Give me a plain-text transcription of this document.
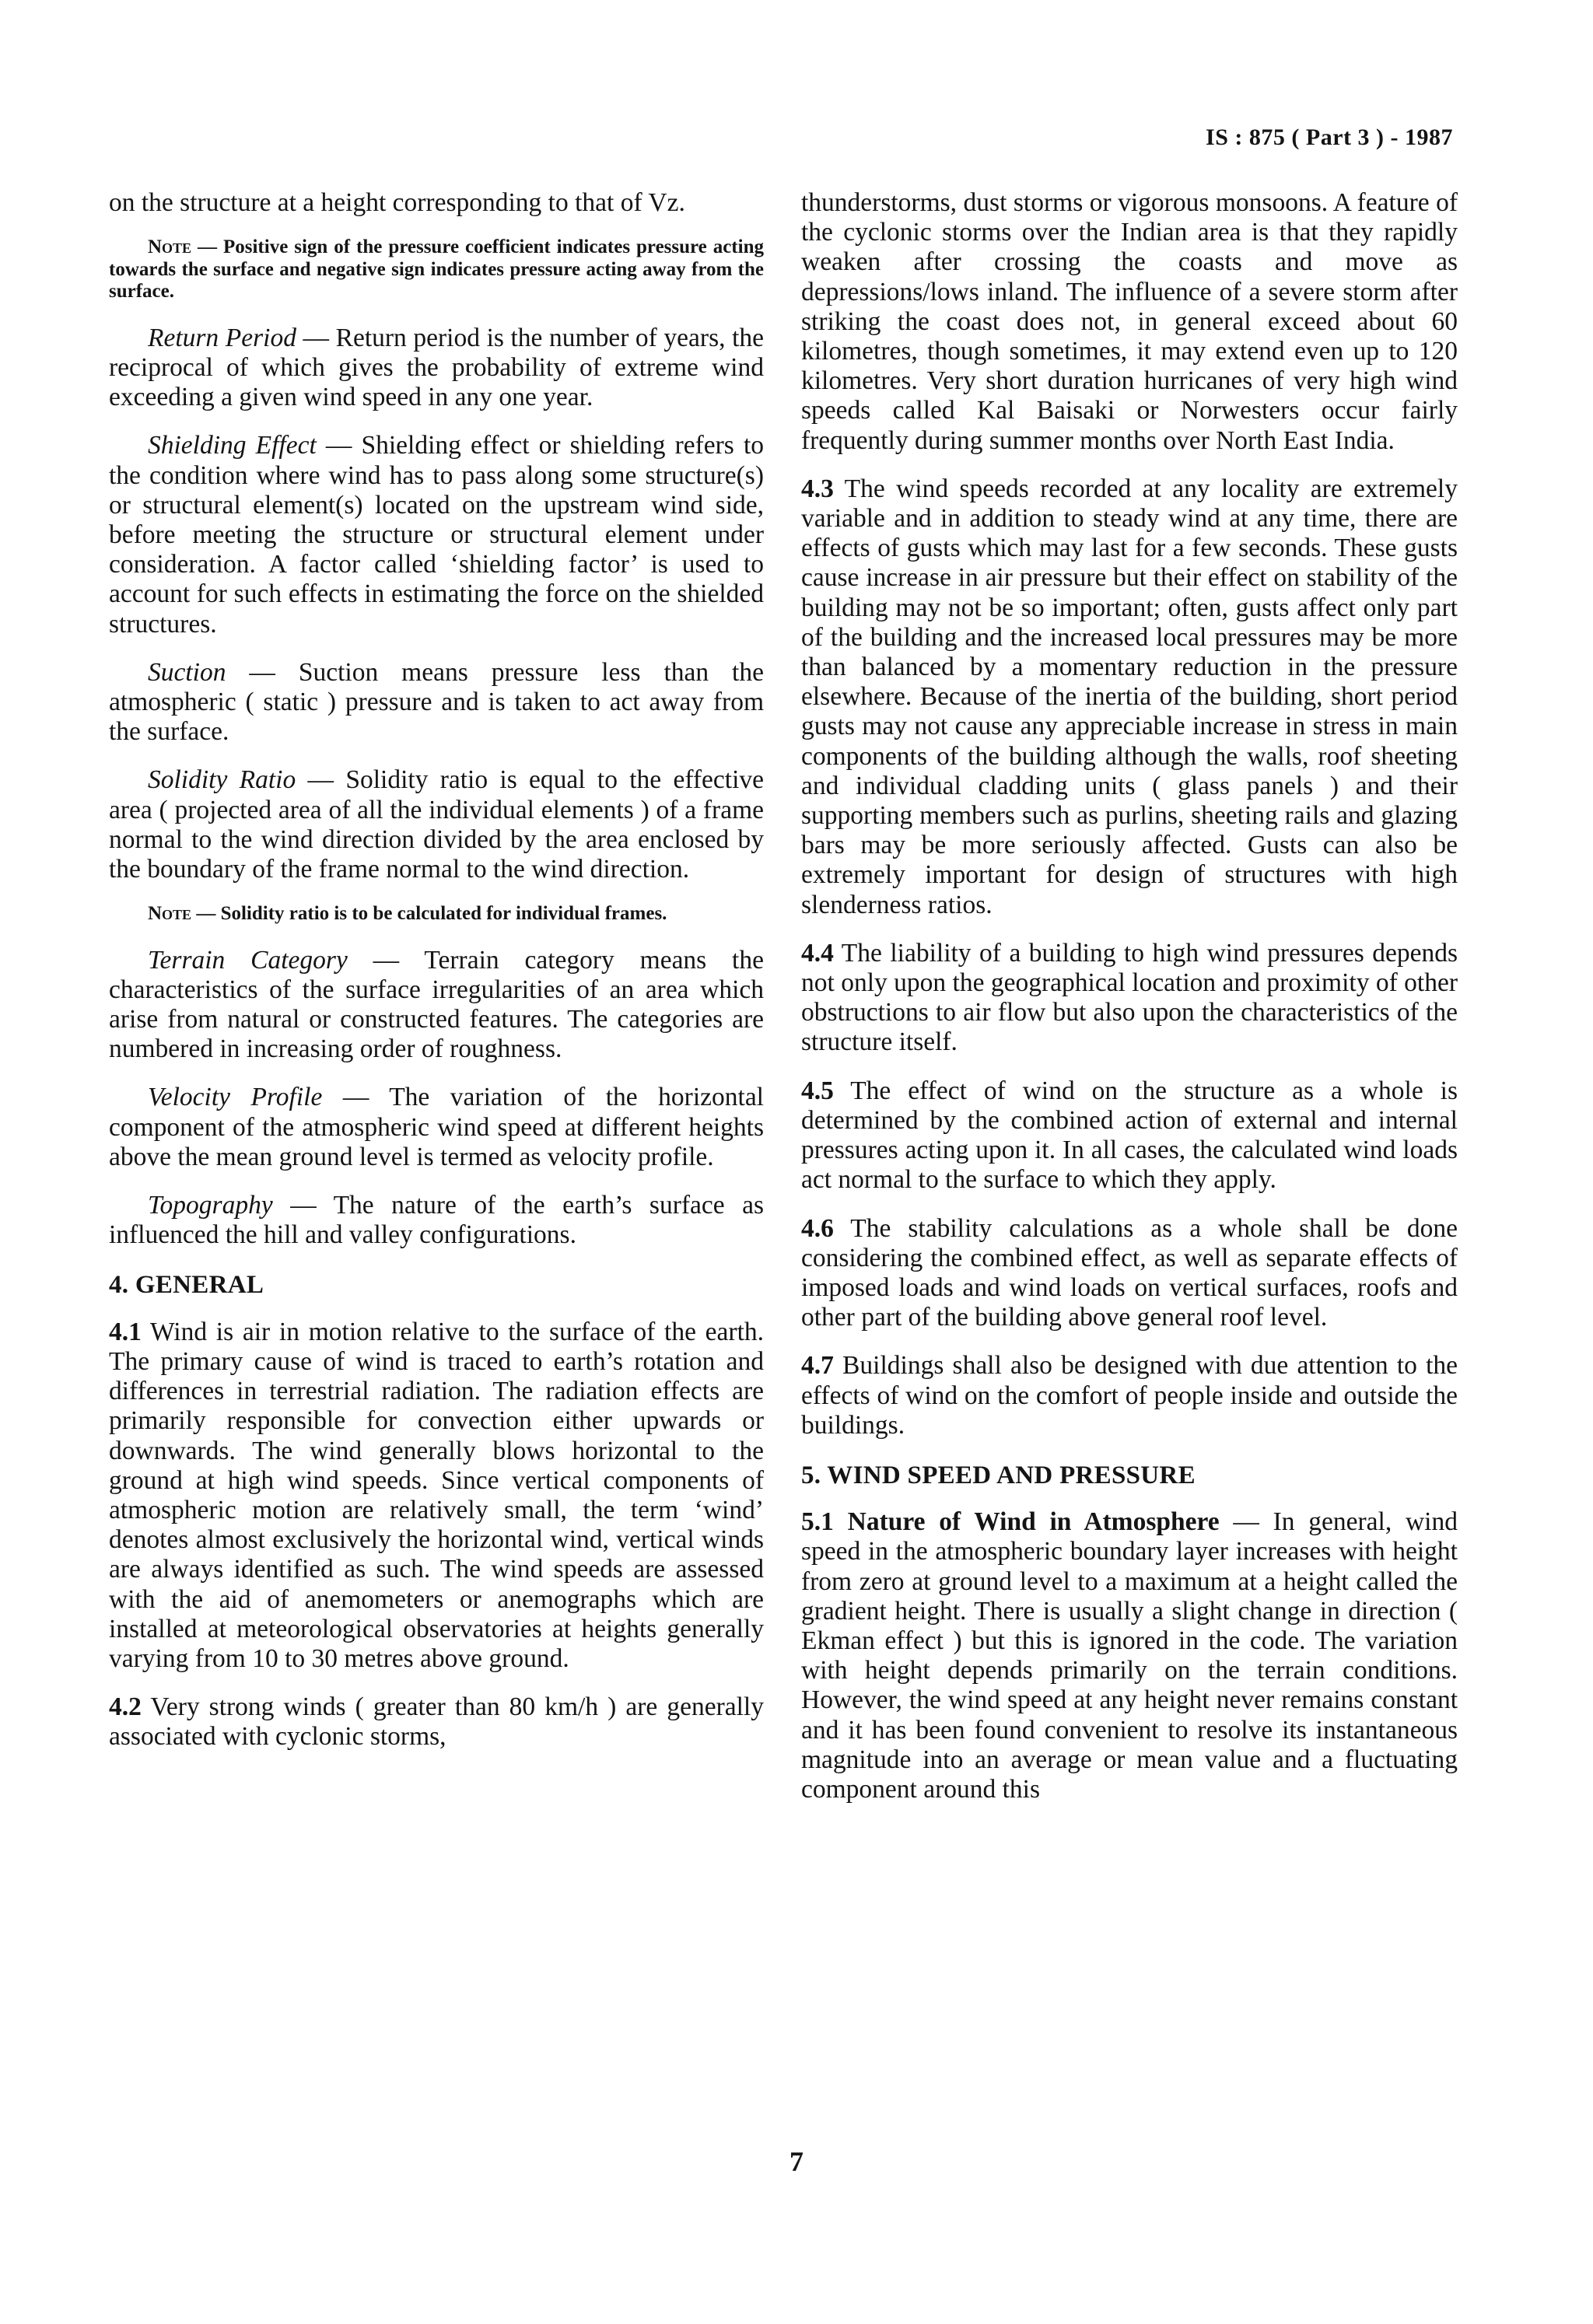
IS : 875 ( Part 3 ) - 1987

on the structure at a height corresponding to that of Vz.

Note — Positive sign of the pressure coefficient indicates pressure acting towards the surface and negative sign indicates pressure acting away from the surface.

Return Period — Return period is the number of years, the reciprocal of which gives the probability of extreme wind exceeding a given wind speed in any one year.

Shielding Effect — Shielding effect or shielding refers to the condition where wind has to pass along some structure(s) or structural element(s) located on the upstream wind side, before meeting the structure or structural element under consideration. A factor called ‘shielding factor’ is used to account for such effects in estimating the force on the shielded structures.

Suction — Suction means pressure less than the atmospheric ( static ) pressure and is taken to act away from the surface.

Solidity Ratio — Solidity ratio is equal to the effective area ( projected area of all the individual elements ) of a frame normal to the wind direction divided by the area enclosed by the boundary of the frame normal to the wind direction.

Note — Solidity ratio is to be calculated for individual frames.

Terrain Category — Terrain category means the characteristics of the surface irregularities of an area which arise from natural or constructed features. The categories are numbered in increasing order of roughness.

Velocity Profile — The variation of the horizontal component of the atmospheric wind speed at different heights above the mean ground level is termed as velocity profile.

Topography — The nature of the earth’s surface as influenced the hill and valley configurations.

4. GENERAL

4.1 Wind is air in motion relative to the surface of the earth. The primary cause of wind is traced to earth’s rotation and differences in terrestrial radiation. The radiation effects are primarily responsible for convection either upwards or downwards. The wind generally blows horizontal to the ground at high wind speeds. Since vertical components of atmospheric motion are relatively small, the term ‘wind’ denotes almost exclusively the horizontal wind, vertical winds are always identified as such. The wind speeds are assessed with the aid of anemometers or anemographs which are installed at meteorological observatories at heights generally varying from 10 to 30 metres above ground.

4.2 Very strong winds ( greater than 80 km/h ) are generally associated with cyclonic storms,

thunderstorms, dust storms or vigorous monsoons. A feature of the cyclonic storms over the Indian area is that they rapidly weaken after crossing the coasts and move as depressions/lows inland. The influence of a severe storm after striking the coast does not, in general exceed about 60 kilometres, though sometimes, it may extend even up to 120 kilometres. Very short duration hurricanes of very high wind speeds called Kal Baisaki or Norwesters occur fairly frequently during summer months over North East India.

4.3 The wind speeds recorded at any locality are extremely variable and in addition to steady wind at any time, there are effects of gusts which may last for a few seconds. These gusts cause increase in air pressure but their effect on stability of the building may not be so important; often, gusts affect only part of the building and the increased local pressures may be more than balanced by a momentary reduction in the pressure elsewhere. Because of the inertia of the building, short period gusts may not cause any appreciable increase in stress in main components of the building although the walls, roof sheeting and individual cladding units ( glass panels ) and their supporting members such as purlins, sheeting rails and glazing bars may be more seriously affected. Gusts can also be extremely important for design of structures with high slenderness ratios.

4.4 The liability of a building to high wind pressures depends not only upon the geographical location and proximity of other obstructions to air flow but also upon the characteristics of the structure itself.

4.5 The effect of wind on the structure as a whole is determined by the combined action of external and internal pressures acting upon it. In all cases, the calculated wind loads act normal to the surface to which they apply.

4.6 The stability calculations as a whole shall be done considering the combined effect, as well as separate effects of imposed loads and wind loads on vertical surfaces, roofs and other part of the building above general roof level.

4.7 Buildings shall also be designed with due attention to the effects of wind on the comfort of people inside and outside the buildings.

5. WIND SPEED AND PRESSURE

5.1 Nature of Wind in Atmosphere — In general, wind speed in the atmospheric boundary layer increases with height from zero at ground level to a maximum at a height called the gradient height. There is usually a slight change in direction ( Ekman effect ) but this is ignored in the code. The variation with height depends primarily on the terrain conditions. However, the wind speed at any height never remains constant and it has been found convenient to resolve its instantaneous magnitude into an average or mean value and a fluctuating component around this

7
